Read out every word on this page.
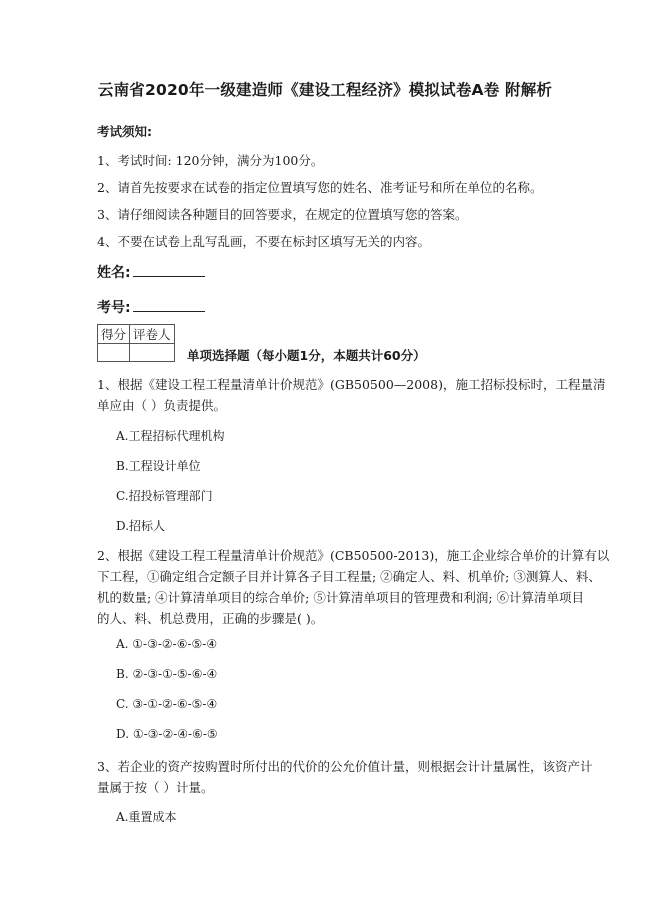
云南省2020年一级建造师《建设工程经济》模拟试卷A卷 附解析
考试须知:
1、考试时间: 120分钟，满分为100分。
2、请首先按要求在试卷的指定位置填写您的姓名、准考证号和所在单位的名称。
3、请仔细阅读各种题目的回答要求，在规定的位置填写您的答案。
4、不要在试卷上乱写乱画，不要在标封区填写无关的内容。
姓名:
考号:
得分	评卷人

单项选择题（每小题1分，本题共计60分）
1、根据《建设工程工程量清单计价规范》(GB50500—2008)，施工招标投标时，工程量清
单应由（ ）负责提供。
A.工程招标代理机构
B.工程设计单位
C.招投标管理部门
D.招标人
2、根据《建设工程工程量清单计价规范》(CB50500-2013)，施工企业综合单价的计算有以
下工程，①确定组合定额子目并计算各子目工程量; ②确定人、料、机单价; ③测算人、料、
机的数量; ④计算清单项目的综合单价; ⑤计算清单项目的管理费和利润; ⑥计算清单项目
的人、料、机总费用，正确的步骤是( )。
A. ①-③-②-⑥-⑤-④
B. ②-③-①-⑤-⑥-④
C. ③-①-②-⑥-⑤-④
D. ①-③-②-④-⑥-⑤
3、若企业的资产按购置时所付出的代价的公允价值计量，则根据会计计量属性，该资产计
量属于按（ ）计量。
A.重置成本
